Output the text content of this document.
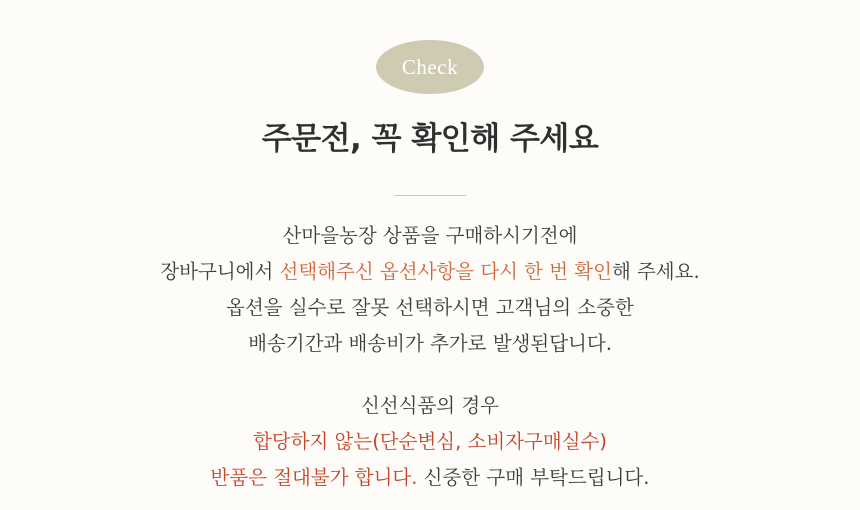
Check
주문전, 꼭 확인해 주세요
산마을농장 상품을 구매하시기전에
장바구니에서 선택해주신 옵션사항을 다시 한 번 확인해 주세요.
옵션을 실수로 잘못 선택하시면 고객님의 소중한
배송기간과 배송비가 추가로 발생된답니다.
신선식품의 경우
합당하지 않는(단순변심, 소비자구매실수)
반품은 절대불가 합니다. 신중한 구매 부탁드립니다.
